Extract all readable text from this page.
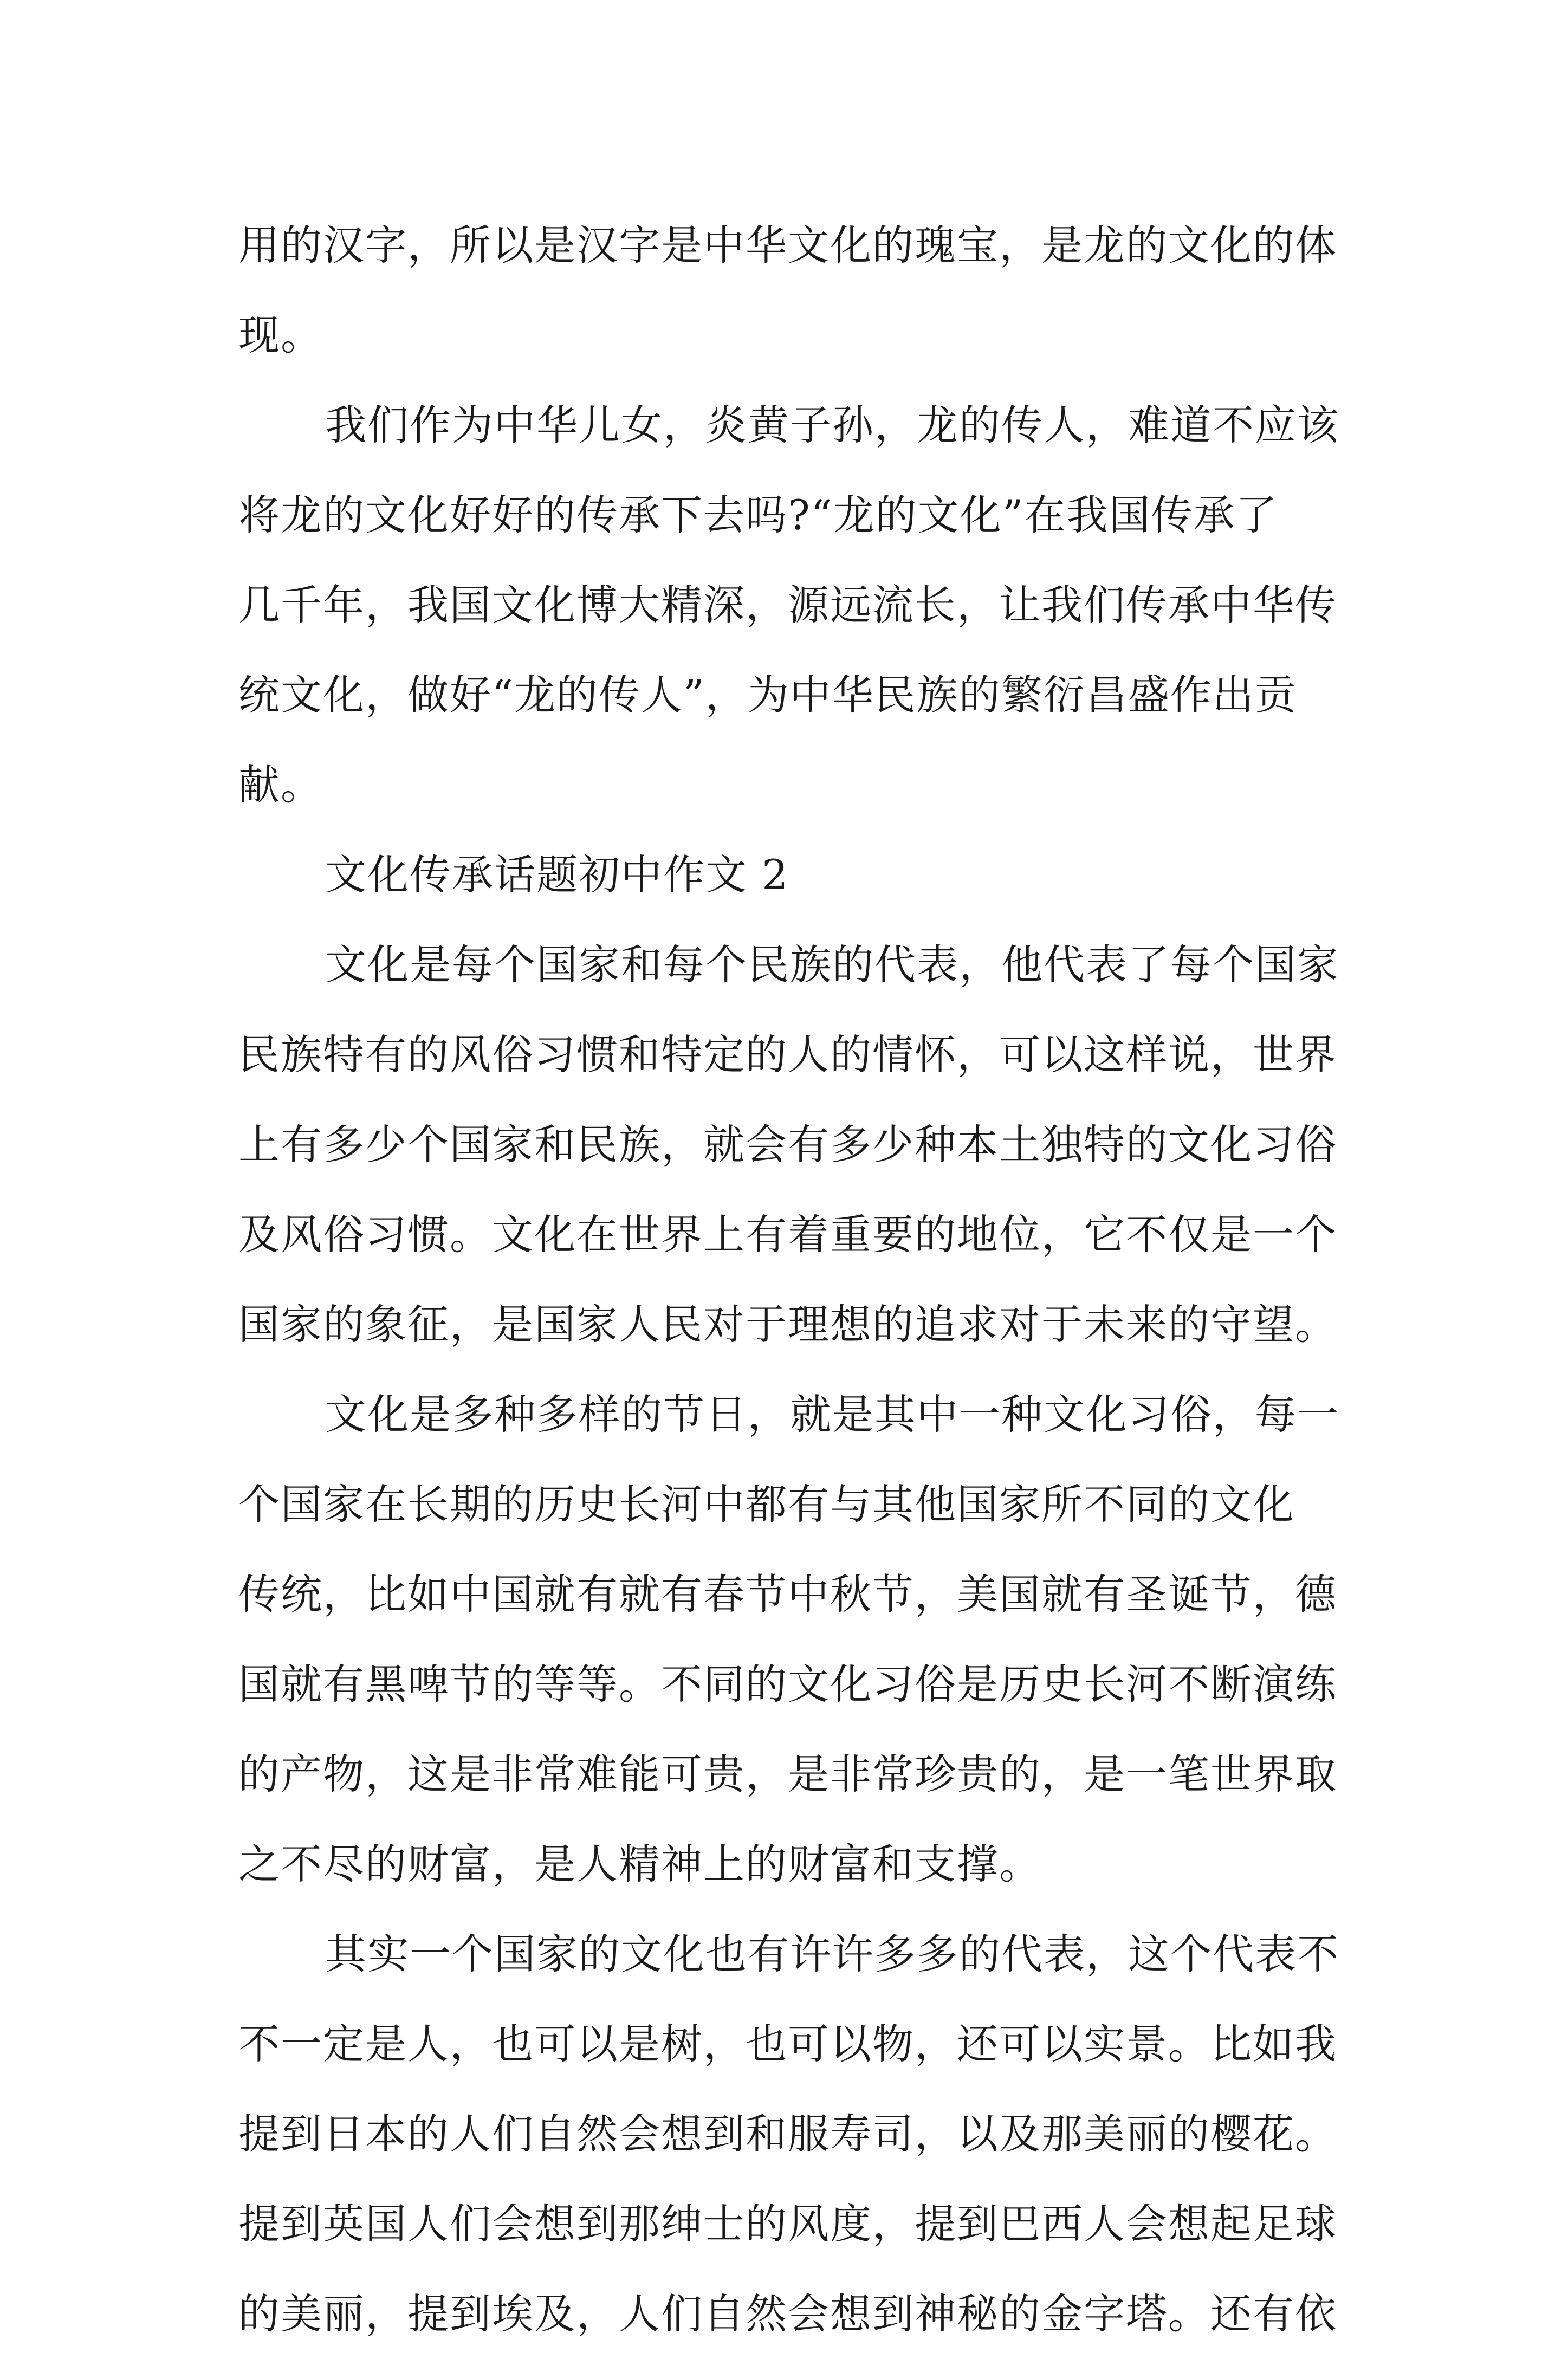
用的汉字，所以是汉字是中华文化的瑰宝，是龙的文化的体
现。
我们作为中华儿女，炎黄子孙，龙的传人，难道不应该
将龙的文化好好的传承下去吗?“龙的文化”在我国传承了
几千年，我国文化博大精深，源远流长，让我们传承中华传
统文化，做好“龙的传人”，为中华民族的繁衍昌盛作出贡
献。
文化传承话题初中作文 2
文化是每个国家和每个民族的代表，他代表了每个国家
民族特有的风俗习惯和特定的人的情怀，可以这样说，世界
上有多少个国家和民族，就会有多少种本土独特的文化习俗
及风俗习惯。文化在世界上有着重要的地位，它不仅是一个
国家的象征，是国家人民对于理想的追求对于未来的守望。
文化是多种多样的节日，就是其中一种文化习俗，每一
个国家在长期的历史长河中都有与其他国家所不同的文化
传统，比如中国就有就有春节中秋节，美国就有圣诞节，德
国就有黑啤节的等等。不同的文化习俗是历史长河不断演练
的产物，这是非常难能可贵，是非常珍贵的，是一笔世界取
之不尽的财富，是人精神上的财富和支撑。
其实一个国家的文化也有许许多多的代表，这个代表不
不一定是人，也可以是树，也可以物，还可以实景。比如我
提到日本的人们自然会想到和服寿司，以及那美丽的樱花。
提到英国人们会想到那绅士的风度，提到巴西人会想起足球
的美丽，提到埃及，人们自然会想到神秘的金字塔。还有依
